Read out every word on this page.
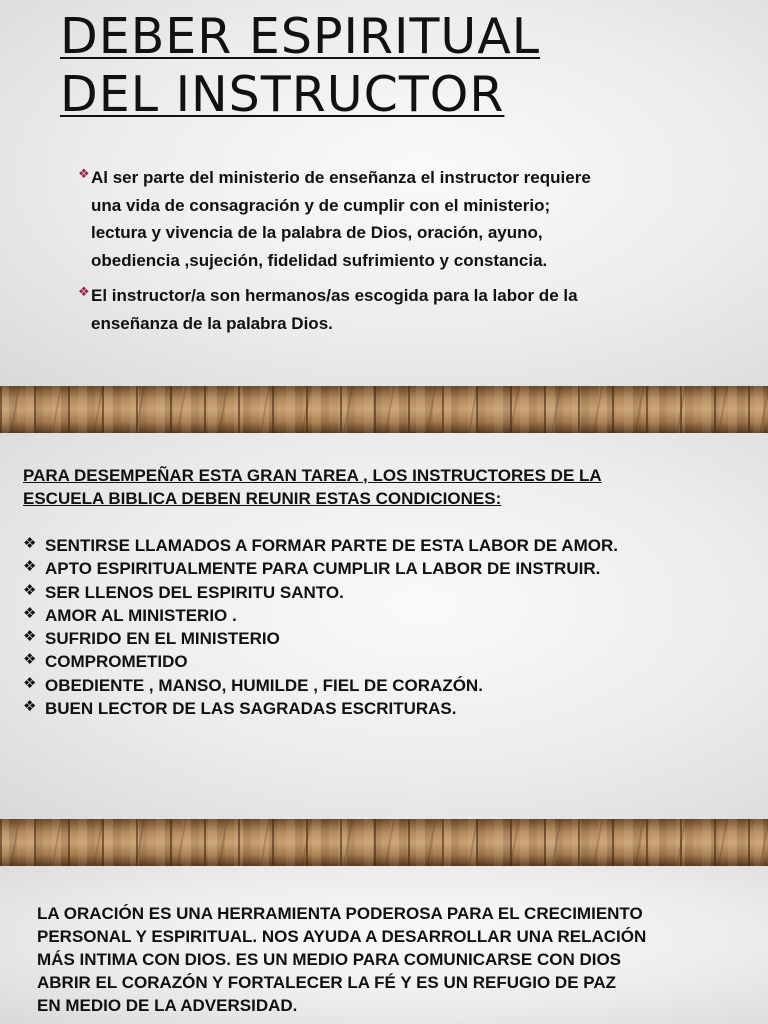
DEBER ESPIRITUAL
DEL INSTRUCTOR
❖ Al ser parte del ministerio de enseñanza el instructor requiere una vida de consagración y de cumplir con el ministerio; lectura y vivencia de la palabra de Dios, oración, ayuno, obediencia ,sujeción, fidelidad sufrimiento y constancia.
❖ El instructor/a son hermanos/as escogida para la labor de la enseñanza de la palabra Dios.

PARA DESEMPEÑAR ESTA GRAN TAREA , LOS INSTRUCTORES DE LA
ESCUELA BIBLICA DEBEN REUNIR ESTAS CONDICIONES:

❖ SENTIRSE LLAMADOS A FORMAR PARTE DE ESTA LABOR DE AMOR.
❖ APTO ESPIRITUALMENTE PARA CUMPLIR LA LABOR DE INSTRUIR.
❖ SER LLENOS DEL ESPIRITU SANTO.
❖ AMOR AL MINISTERIO .
❖ SUFRIDO EN EL MINISTERIO
❖ COMPROMETIDO
❖ OBEDIENTE , MANSO, HUMILDE , FIEL DE CORAZÓN.
❖ BUEN LECTOR DE LAS SAGRADAS ESCRITURAS.

LA ORACIÓN ES UNA HERRAMIENTA PODEROSA PARA EL CRECIMIENTO
PERSONAL Y ESPIRITUAL. NOS AYUDA A DESARROLLAR UNA RELACIÓN
MÁS INTIMA CON DIOS. ES UN MEDIO PARA COMUNICARSE CON DIOS
ABRIR EL CORAZÓN Y FORTALECER LA FÉ Y ES UN REFUGIO DE PAZ
EN MEDIO DE LA ADVERSIDAD.
